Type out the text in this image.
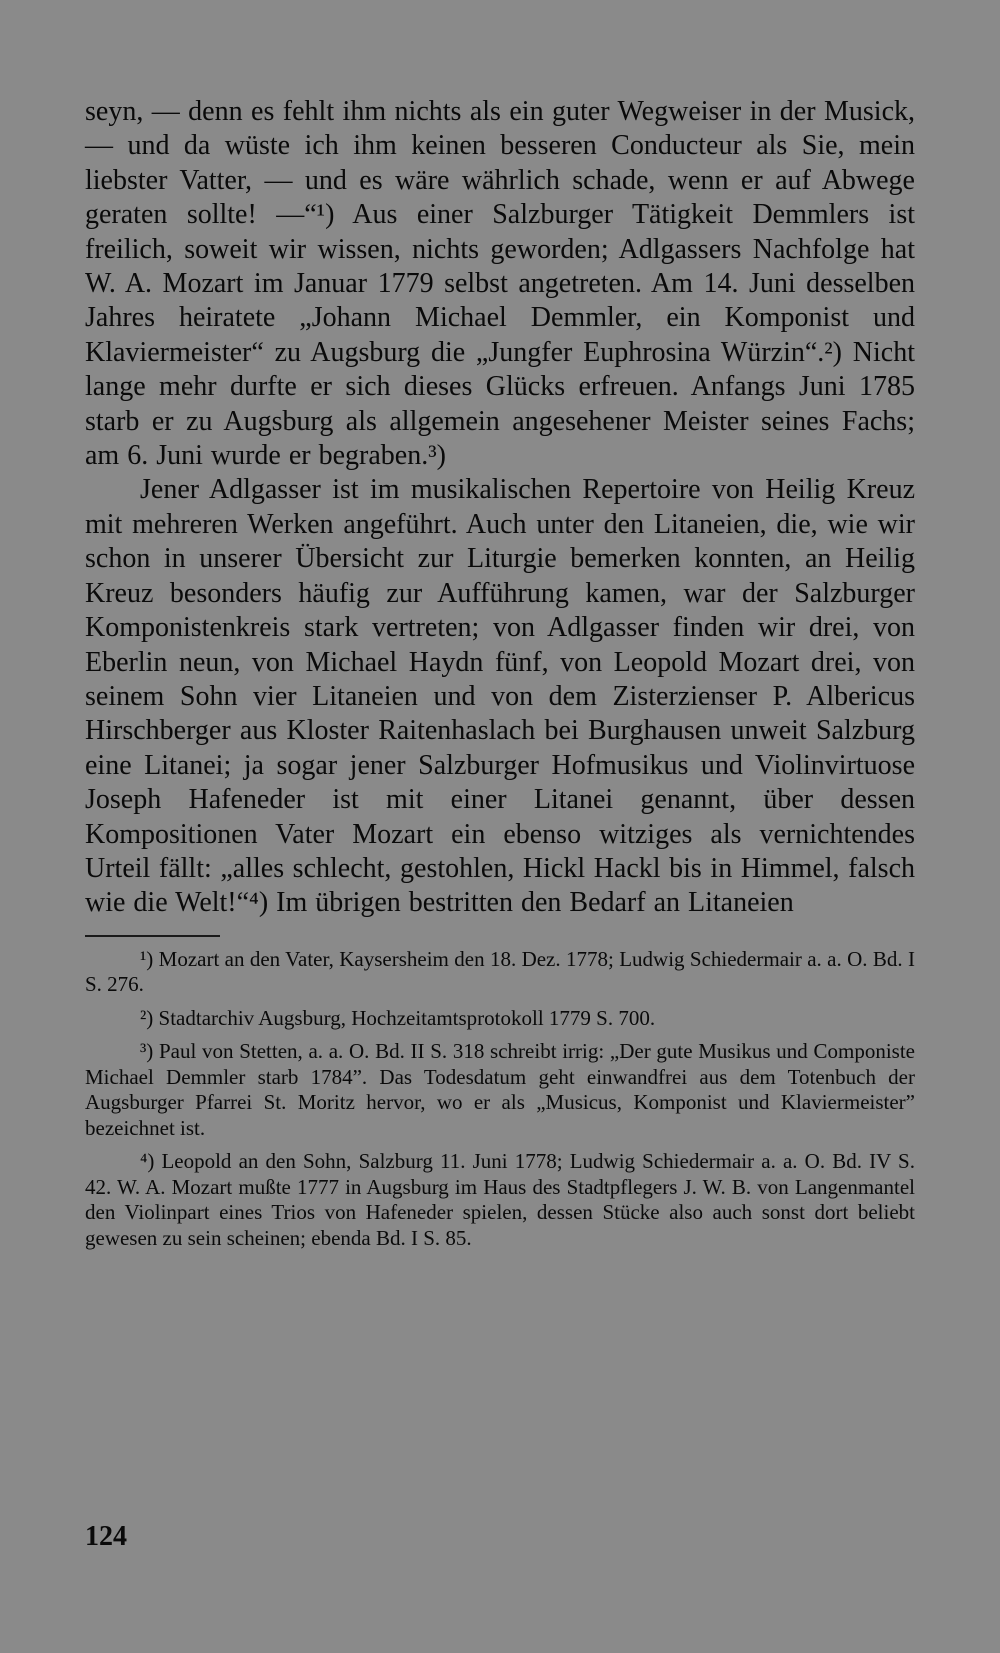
seyn, — denn es fehlt ihm nichts als ein guter Wegweiser in der Musick, — und da wüste ich ihm keinen besseren Conducteur als Sie, mein liebster Vatter, — und es wäre währlich schade, wenn er auf Abwege geraten sollte! —“¹) Aus einer Salzburger Tätigkeit Demmlers ist freilich, soweit wir wissen, nichts geworden; Adlgassers Nachfolge hat W. A. Mozart im Januar 1779 selbst angetreten. Am 14. Juni desselben Jahres heiratete „Johann Michael Demmler, ein Komponist und Klaviermeister“ zu Augsburg die „Jungfer Euphrosina Würzin“.²) Nicht lange mehr durfte er sich dieses Glücks erfreuen. Anfangs Juni 1785 starb er zu Augsburg als allgemein angesehener Meister seines Fachs; am 6. Juni wurde er begraben.³)

Jener Adlgasser ist im musikalischen Repertoire von Heilig Kreuz mit mehreren Werken angeführt. Auch unter den Litaneien, die, wie wir schon in unserer Übersicht zur Liturgie bemerken konnten, an Heilig Kreuz besonders häufig zur Aufführung kamen, war der Salzburger Komponistenkreis stark vertreten; von Adlgasser finden wir drei, von Eberlin neun, von Michael Haydn fünf, von Leopold Mozart drei, von seinem Sohn vier Litaneien und von dem Zisterzienser P. Albericus Hirschberger aus Kloster Raitenhaslach bei Burghausen unweit Salzburg eine Litanei; ja sogar jener Salzburger Hofmusikus und Violinvirtuose Joseph Hafeneder ist mit einer Litanei genannt, über dessen Kompositionen Vater Mozart ein ebenso witziges als vernichtendes Urteil fällt: „alles schlecht, gestohlen, Hickl Hackl bis in Himmel, falsch wie die Welt!“⁴) Im übrigen bestritten den Bedarf an Litaneien

¹) Mozart an den Vater, Kaysersheim den 18. Dez. 1778; Ludwig Schiedermair a. a. O. Bd. I S. 276.

²) Stadtarchiv Augsburg, Hochzeitamtsprotokoll 1779 S. 700.

³) Paul von Stetten, a. a. O. Bd. II S. 318 schreibt irrig: „Der gute Musikus und Componiste Michael Demmler starb 1784”. Das Todesdatum geht einwandfrei aus dem Totenbuch der Augsburger Pfarrei St. Moritz hervor, wo er als „Musicus, Komponist und Klaviermeister” bezeichnet ist.

⁴) Leopold an den Sohn, Salzburg 11. Juni 1778; Ludwig Schiedermair a. a. O. Bd. IV S. 42. W. A. Mozart mußte 1777 in Augsburg im Haus des Stadtpflegers J. W. B. von Langenmantel den Violinpart eines Trios von Hafeneder spielen, dessen Stücke also auch sonst dort beliebt gewesen zu sein scheinen; ebenda Bd. I S. 85.

124
